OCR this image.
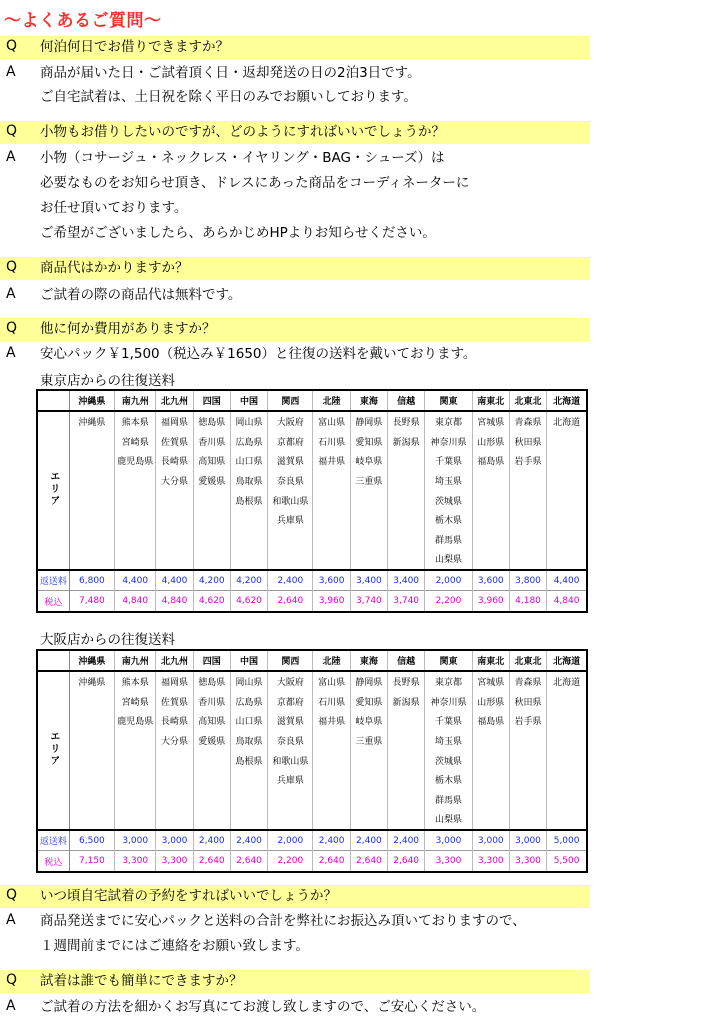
～よくあるご質問～
Q 何泊何日でお借りできますか？
A 商品が届いた日・ご試着頂く日・返却発送の日の2泊3日です。
ご自宅試着は、土日祝を除く平日のみでお願いしております。
Q 小物もお借りしたいのですが、どのようにすればいいでしょうか？
A 小物（コサージュ・ネックレス・イヤリング・BAG・シューズ）は
必要なものをお知らせ頂き、ドレスにあった商品をコーディネーターに
お任せ頂いております。
ご希望がございましたら、あらかじめHPよりお知らせください。
Q 商品代はかかりますか？
A ご試着の際の商品代は無料です。
Q 他に何か費用がありますか？
A 安心パック￥1,500（税込み￥1650）と往復の送料を戴いております。
東京店からの往復送料
	沖縄県	南九州	北九州	四国	中国	関西	北陸	東海	信越	関東	南東北	北東北	北海道
エリア	沖縄県	熊本県	福岡県	徳島県	岡山県	大阪府	富山県	静岡県	長野県	東京都	宮城県	青森県	北海道
		宮崎県	佐賀県	香川県	広島県	京都府	石川県	愛知県	新潟県	神奈川県	山形県	秋田県	
		鹿児島県	長崎県	高知県	山口県	滋賀県	福井県	岐阜県		千葉県	福島県	岩手県	
			大分県	愛媛県	鳥取県	奈良県		三重県		埼玉県			
					島根県	和歌山県				茨城県			
						兵庫県				栃木県			
										群馬県			
										山梨県			
返送料	6,800	4,400	4,400	4,200	4,200	2,400	3,600	3,400	3,400	2,000	3,600	3,800	4,400
税込	7,480	4,840	4,840	4,620	4,620	2,640	3,960	3,740	3,740	2,200	3,960	4,180	4,840
大阪店からの往復送料
	沖縄県	南九州	北九州	四国	中国	関西	北陸	東海	信越	関東	南東北	北東北	北海道
エリア	沖縄県	熊本県	福岡県	徳島県	岡山県	大阪府	富山県	静岡県	長野県	東京都	宮城県	青森県	北海道
		宮崎県	佐賀県	香川県	広島県	京都府	石川県	愛知県	新潟県	神奈川県	山形県	秋田県	
		鹿児島県	長崎県	高知県	山口県	滋賀県	福井県	岐阜県		千葉県	福島県	岩手県	
			大分県	愛媛県	鳥取県	奈良県		三重県		埼玉県			
					島根県	和歌山県				茨城県			
						兵庫県				栃木県			
										群馬県			
										山梨県			
返送料	6,500	3,000	3,000	2,400	2,400	2,000	2,400	2,400	2,400	3,000	3,000	3,000	5,000
税込	7,150	3,300	3,300	2,640	2,640	2,200	2,640	2,640	2,640	3,300	3,300	3,300	5,500
Q いつ頃自宅試着の予約をすればいいでしょうか？
A 商品発送までに安心パックと送料の合計を弊社にお振込み頂いておりますので、
１週間前までにはご連絡をお願い致します。
Q 試着は誰でも簡単にできますか？
A ご試着の方法を細かくお写真にてお渡し致しますので、ご安心ください。
